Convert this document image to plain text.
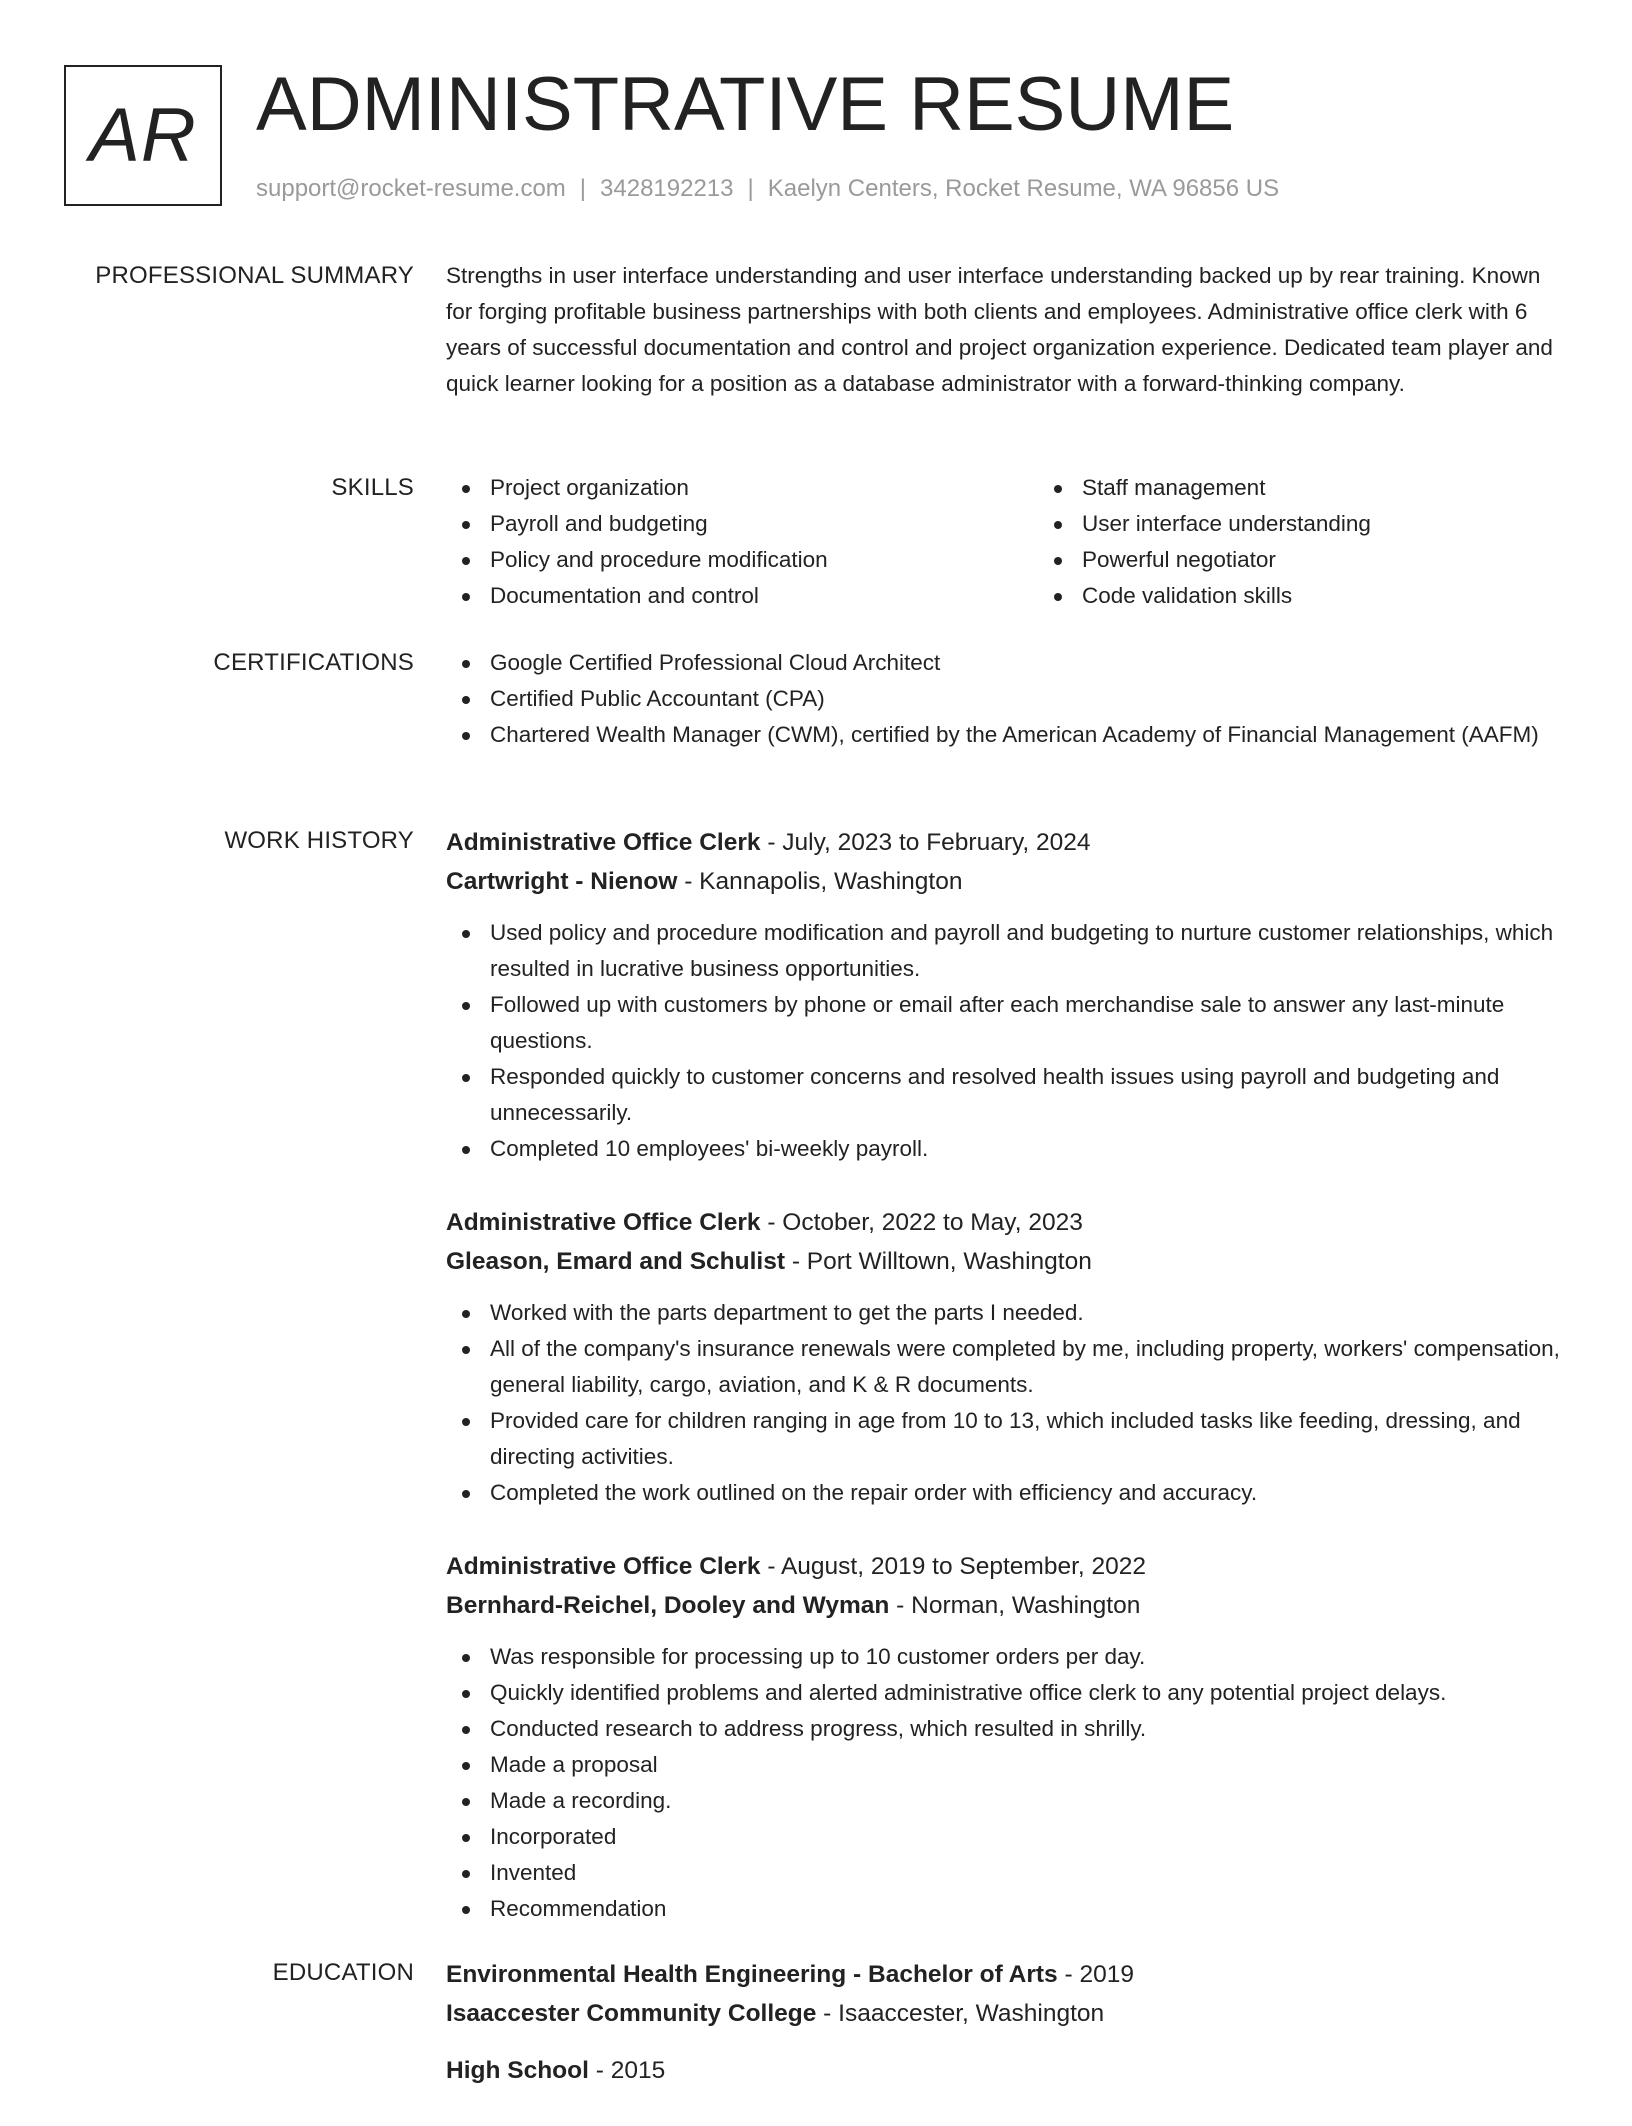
AR ADMINISTRATIVE RESUME
support@rocket-resume.com | 3428192213 | Kaelyn Centers, Rocket Resume, WA 96856 US
PROFESSIONAL SUMMARY Strengths in user interface understanding and user interface understanding backed up by rear training. Known for forging profitable business partnerships with both clients and employees. Administrative office clerk with 6 years of successful documentation and control and project organization experience. Dedicated team player and quick learner looking for a position as a database administrator with a forward-thinking company.

SKILLS	Project organization
Payroll and budgeting
Policy and procedure modification
Documentation and control
Staff management
User interface understanding
Powerful negotiator
Code validation skills
CERTIFICATIONS	Google Certified Professional Cloud Architect
Certified Public Accountant (CPA)
Chartered Wealth Manager (CWM), certified by the American Academy of Financial Management (AAFM)
WORK HISTORY Administrative Office Clerk - July, 2023 to February, 2024
Cartwright - Nienow - Kannapolis, Washington
Used policy and procedure modification and payroll and budgeting to nurture customer relationships, which resulted in lucrative business opportunities.
Followed up with customers by phone or email after each merchandise sale to answer any last-minute questions.
Responded quickly to customer concerns and resolved health issues using payroll and budgeting and unnecessarily.
Completed 10 employees' bi-weekly payroll.
Administrative Office Clerk - October, 2022 to May, 2023
Gleason, Emard and Schulist - Port Willtown, Washington
Worked with the parts department to get the parts I needed.
All of the company's insurance renewals were completed by me, including property, workers' compensation, general liability, cargo, aviation, and K & R documents.
Provided care for children ranging in age from 10 to 13, which included tasks like feeding, dressing, and directing activities.
Completed the work outlined on the repair order with efficiency and accuracy.
Administrative Office Clerk - August, 2019 to September, 2022
Bernhard-Reichel, Dooley and Wyman - Norman, Washington
Was responsible for processing up to 10 customer orders per day.
Quickly identified problems and alerted administrative office clerk to any potential project delays.
Conducted research to address progress, which resulted in shrilly.
Made a proposal
Made a recording.
Incorporated
Invented
Recommendation
EDUCATION Environmental Health Engineering - Bachelor of Arts - 2019
Isaaccester Community College - Isaaccester, Washington
High School - 2015
